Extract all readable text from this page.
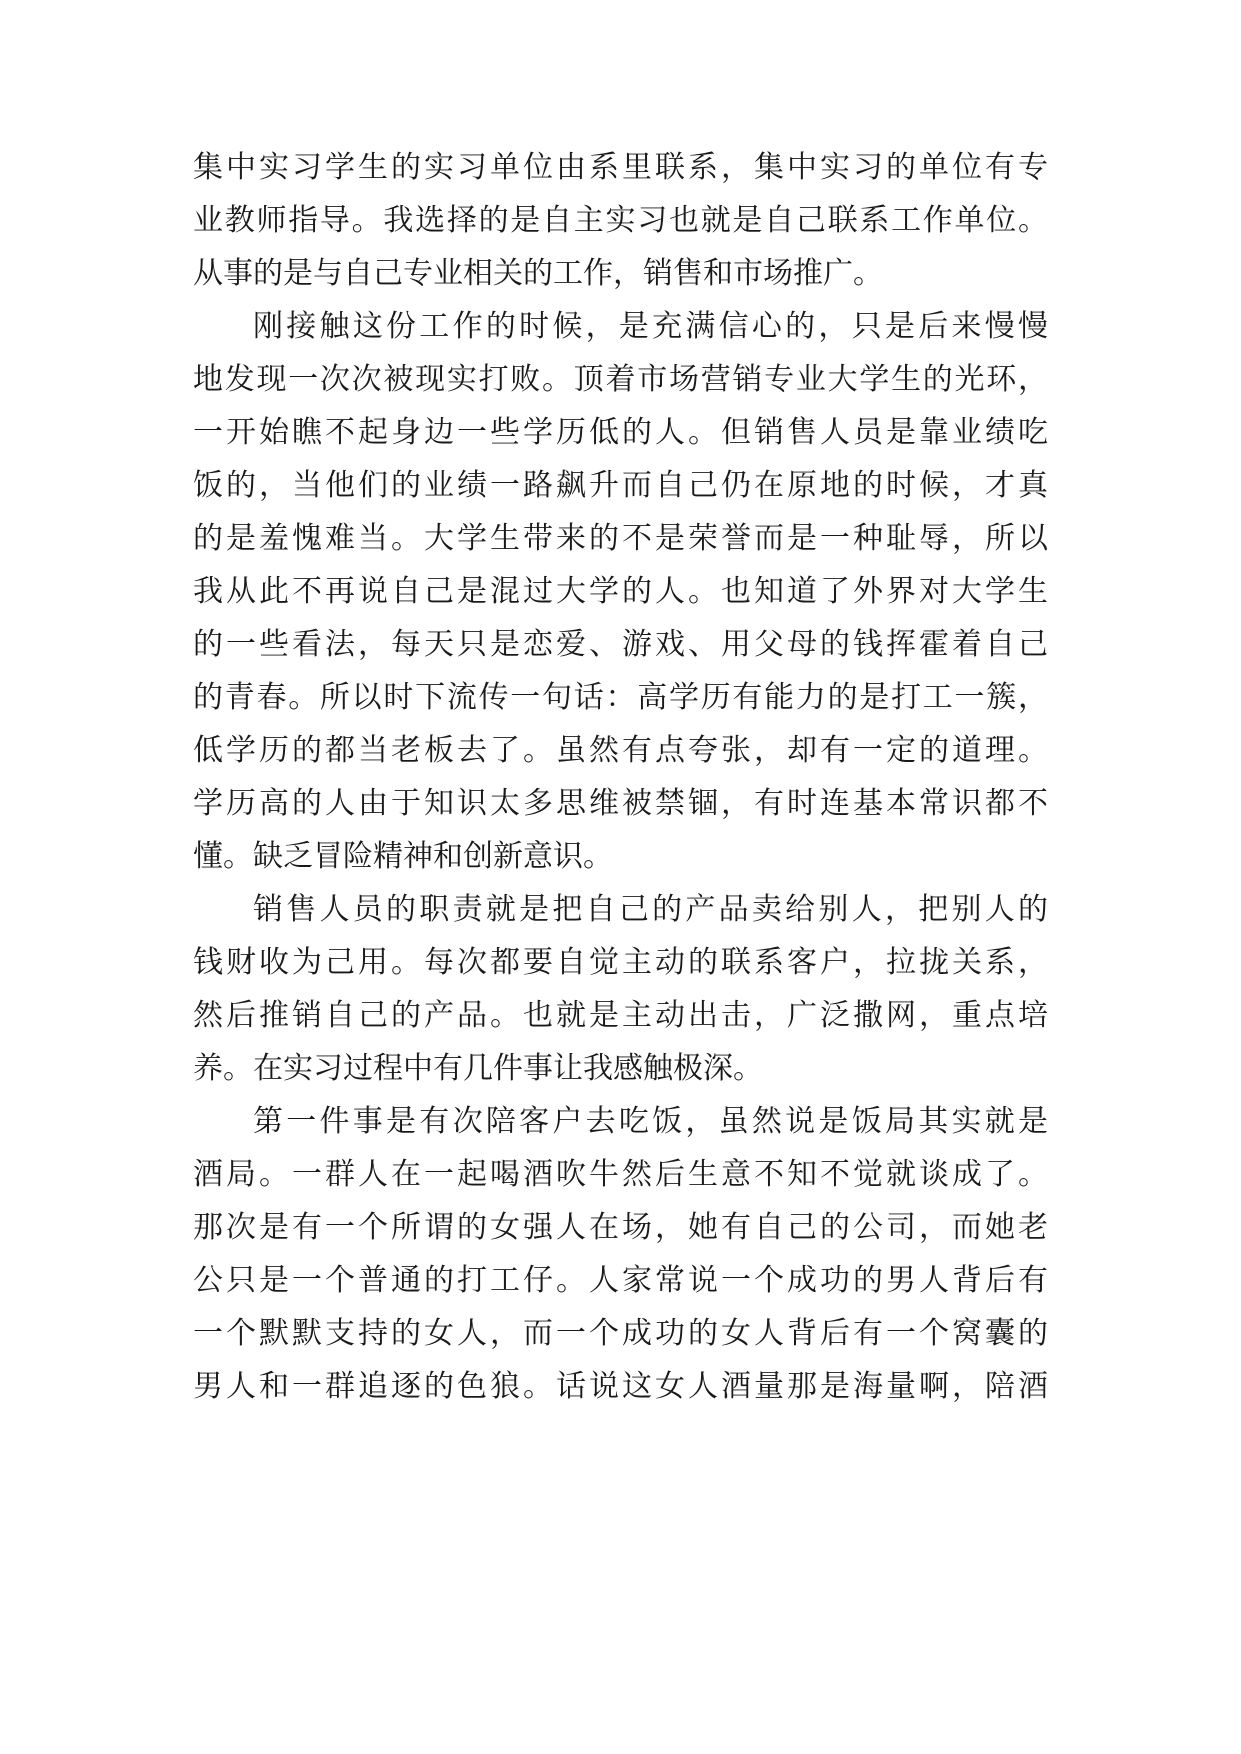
集中实习学生的实习单位由系里联系，集中实习的单位有专

业教师指导。我选择的是自主实习也就是自己联系工作单位。

从事的是与自己专业相关的工作，销售和市场推广。

刚接触这份工作的时候，是充满信心的，只是后来慢慢

地发现一次次被现实打败。顶着市场营销专业大学生的光环，

一开始瞧不起身边一些学历低的人。但销售人员是靠业绩吃

饭的，当他们的业绩一路飙升而自己仍在原地的时候，才真

的是羞愧难当。大学生带来的不是荣誉而是一种耻辱，所以

我从此不再说自己是混过大学的人。也知道了外界对大学生

的一些看法，每天只是恋爱、游戏、用父母的钱挥霍着自己

的青春。所以时下流传一句话：高学历有能力的是打工一簇，

低学历的都当老板去了。虽然有点夸张，却有一定的道理。

学历高的人由于知识太多思维被禁锢，有时连基本常识都不

懂。缺乏冒险精神和创新意识。

销售人员的职责就是把自己的产品卖给别人，把别人的

钱财收为己用。每次都要自觉主动的联系客户，拉拢关系，

然后推销自己的产品。也就是主动出击，广泛撒网，重点培

养。在实习过程中有几件事让我感触极深。

第一件事是有次陪客户去吃饭，虽然说是饭局其实就是

酒局。一群人在一起喝酒吹牛然后生意不知不觉就谈成了。

那次是有一个所谓的女强人在场，她有自己的公司，而她老

公只是一个普通的打工仔。人家常说一个成功的男人背后有

一个默默支持的女人，而一个成功的女人背后有一个窝囊的

男人和一群追逐的色狼。话说这女人酒量那是海量啊，陪酒
